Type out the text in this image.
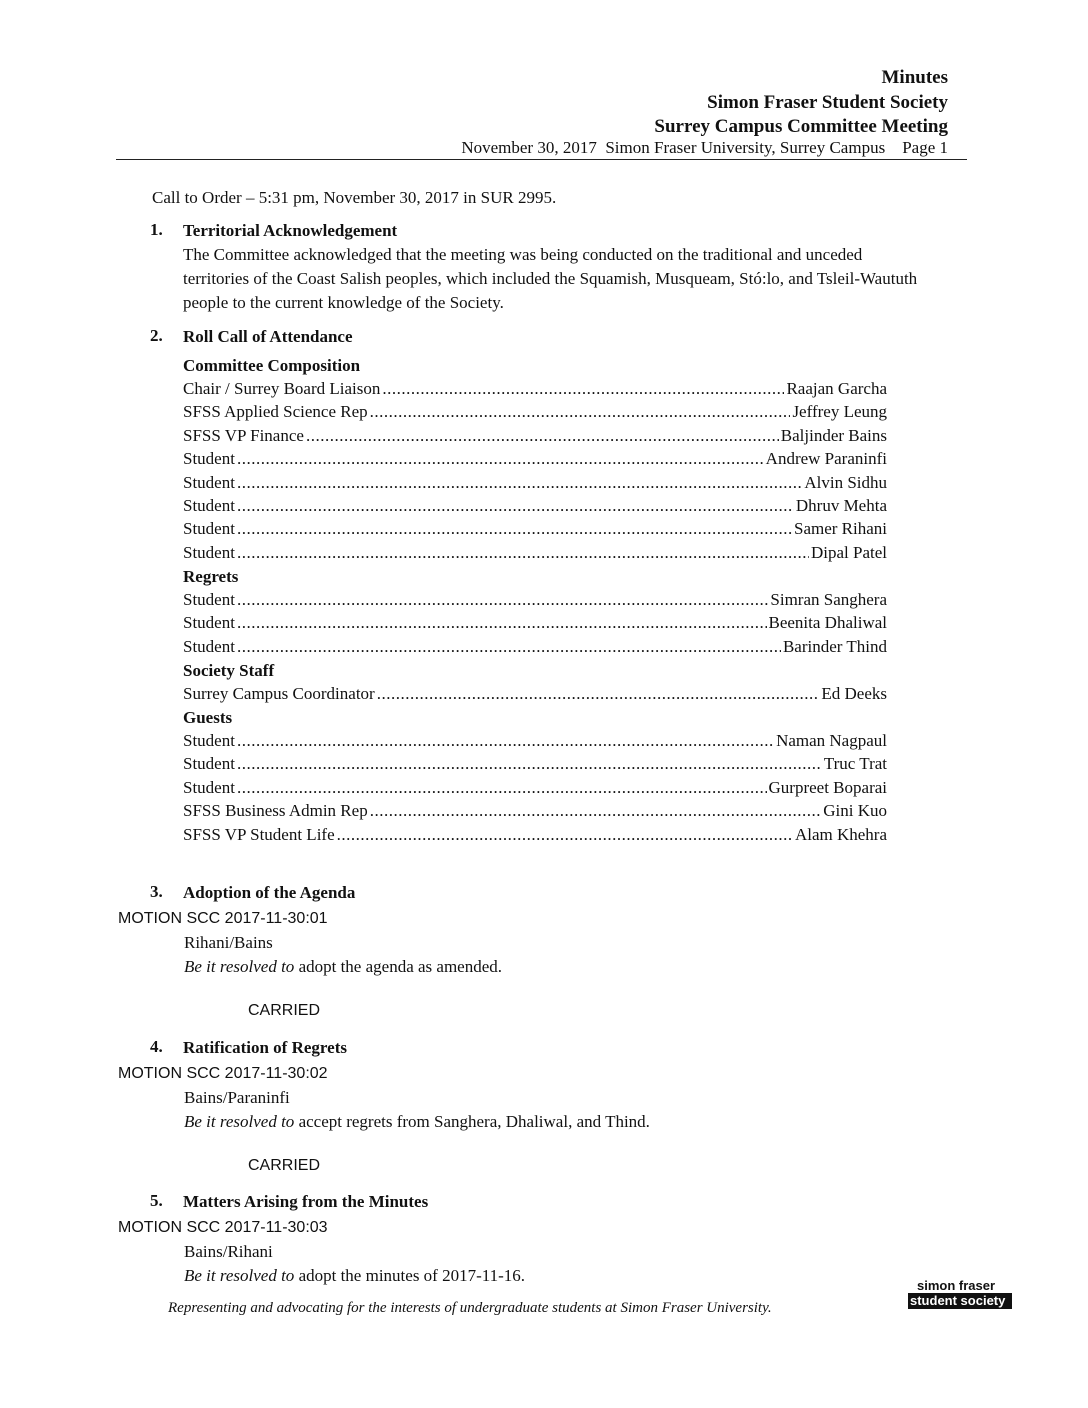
Minutes
Simon Fraser Student Society
Surrey Campus Committee Meeting
November 30, 2017  Simon Fraser University, Surrey Campus    Page 1
Call to Order – 5:31 pm, November 30, 2017 in SUR 2995.
1. Territorial Acknowledgement
The Committee acknowledged that the meeting was being conducted on the traditional and unceded territories of the Coast Salish peoples, which included the Squamish, Musqueam, Stó:lo, and Tsleil-Waututh people to the current knowledge of the Society.
2. Roll Call of Attendance
Committee Composition
Chair / Surrey Board Liaison .....	Raajan Garcha
SFSS Applied Science Rep .....	Jeffrey Leung
SFSS VP Finance .....	Baljinder Bains
Student .....	Andrew Paraninfi
Student .....	Alvin Sidhu
Student .....	Dhruv Mehta
Student .....	Samer Rihani
Student .....	Dipal Patel
Regrets
Student .....	Simran Sanghera
Student .....	Beenita Dhaliwal
Student .....	Barinder Thind
Society Staff
Surrey Campus Coordinator .....	Ed Deeks
Guests
Student .....	Naman Nagpaul
Student .....	Truc Trat
Student .....	Gurpreet Boparai
SFSS Business Admin Rep .....	Gini Kuo
SFSS VP Student Life .....	Alam Khehra
3. Adoption of the Agenda
MOTION SCC 2017-11-30:01
Rihani/Bains
Be it resolved to adopt the agenda as amended.
CARRIED
4. Ratification of Regrets
MOTION SCC 2017-11-30:02
Bains/Paraninfi
Be it resolved to accept regrets from Sanghera, Dhaliwal, and Thind.
CARRIED
5. Matters Arising from the Minutes
MOTION SCC 2017-11-30:03
Bains/Rihani
Be it resolved to adopt the minutes of 2017-11-16.
Representing and advocating for the interests of undergraduate students at Simon Fraser University.
simon fraser
student society
